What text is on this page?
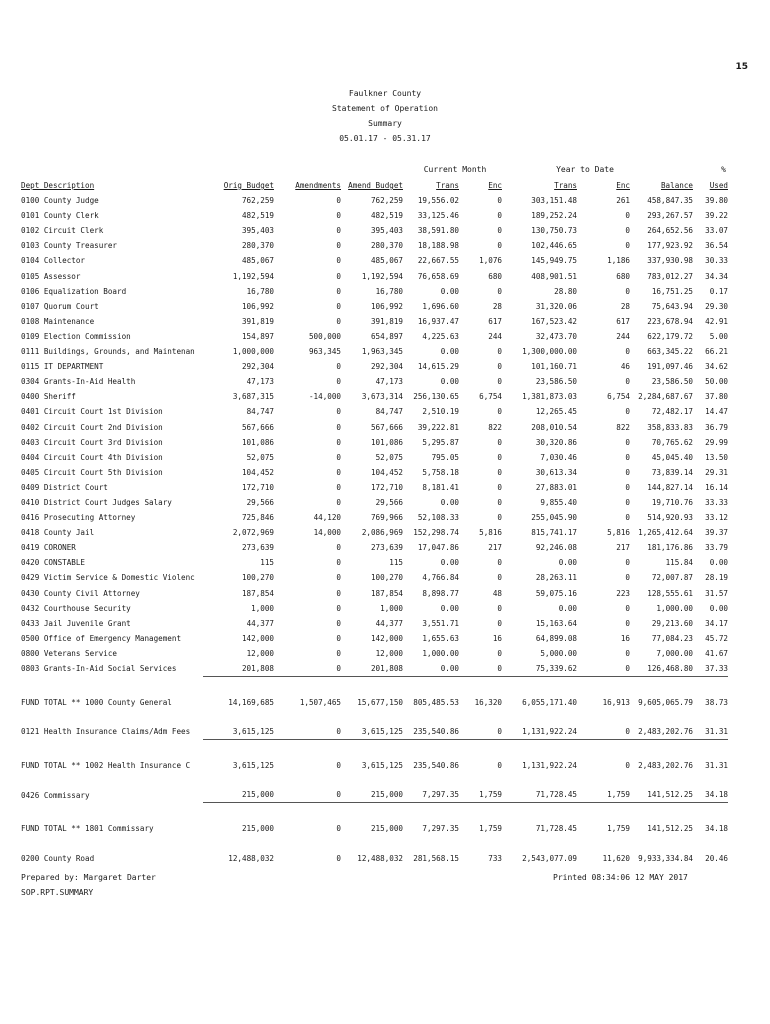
15
Faulkner County
Statement of Operation
Summary
05.01.17 - 05.31.17
Current Month	Year to Date	%
Dept Description	Orig Budget	Amendments	Amend Budget	Trans	Enc	Trans	Enc	Balance	Used
0100 County Judge	762,259	0	762,259	19,556.02	0	303,151.48	261	458,847.35	39.80
0101 County Clerk	482,519	0	482,519	33,125.46	0	189,252.24	0	293,267.57	39.22
0102 Circuit Clerk	395,403	0	395,403	38,591.80	0	130,750.73	0	264,652.56	33.07
0103 County Treasurer	280,370	0	280,370	18,188.98	0	102,446.65	0	177,923.92	36.54
0104 Collector	485,067	0	485,067	22,667.55	1,076	145,949.75	1,186	337,930.98	30.33
0105 Assessor	1,192,594	0	1,192,594	76,658.69	680	408,901.51	680	783,012.27	34.34
0106 Equalization Board	16,780	0	16,780	0.00	0	28.80	0	16,751.25	0.17
0107 Quorum Court	106,992	0	106,992	1,696.60	28	31,320.06	28	75,643.94	29.30
0108 Maintenance	391,819	0	391,819	16,937.47	617	167,523.42	617	223,678.94	42.91
0109 Election Commission	154,897	500,000	654,897	4,225.63	244	32,473.70	244	622,179.72	5.00
0111 Buildings, Grounds, and Maintenan	1,000,000	963,345	1,963,345	0.00	0	1,300,000.00	0	663,345.22	66.21
0115 IT DEPARTMENT	292,304	0	292,304	14,615.29	0	101,160.71	46	191,097.46	34.62
0304 Grants-In-Aid Health	47,173	0	47,173	0.00	0	23,586.50	0	23,586.50	50.00
0400 Sheriff	3,687,315	-14,000	3,673,314	256,130.65	6,754	1,381,873.03	6,754	2,284,687.67	37.80
0401 Circuit Court 1st Division	84,747	0	84,747	2,510.19	0	12,265.45	0	72,482.17	14.47
0402 Circuit Court 2nd Division	567,666	0	567,666	39,222.81	822	208,010.54	822	358,833.83	36.79
0403 Circuit Court 3rd Division	101,086	0	101,086	5,295.87	0	30,320.86	0	70,765.62	29.99
0404 Circuit Court 4th Division	52,075	0	52,075	795.05	0	7,030.46	0	45,045.40	13.50
0405 Circuit Court 5th Division	104,452	0	104,452	5,758.18	0	30,613.34	0	73,839.14	29.31
0409 District Court	172,710	0	172,710	8,181.41	0	27,883.01	0	144,827.14	16.14
0410 District Court Judges Salary	29,566	0	29,566	0.00	0	9,855.40	0	19,710.76	33.33
0416 Prosecuting Attorney	725,846	44,120	769,966	52,108.33	0	255,045.90	0	514,920.93	33.12
0418 County Jail	2,072,969	14,000	2,086,969	152,298.74	5,816	815,741.17	5,816	1,265,412.64	39.37
0419 CORONER	273,639	0	273,639	17,047.86	217	92,246.08	217	181,176.86	33.79
0420 CONSTABLE	115	0	115	0.00	0	0.00	0	115.84	0.00
0429 Victim Service & Domestic Violenc	100,270	0	100,270	4,766.84	0	28,263.11	0	72,007.87	28.19
0430 County Civil Attorney	187,854	0	187,854	8,898.77	48	59,075.16	223	128,555.61	31.57
0432 Courthouse Security	1,000	0	1,000	0.00	0	0.00	0	1,000.00	0.00
0433 Jail Juvenile Grant	44,377	0	44,377	3,551.71	0	15,163.64	0	29,213.60	34.17
0500 Office of Emergency Management	142,000	0	142,000	1,655.63	16	64,899.08	16	77,084.23	45.72
0800 Veterans Service	12,000	0	12,000	1,000.00	0	5,000.00	0	7,000.00	41.67
0803 Grants-In-Aid Social Services	201,808	0	201,808	0.00	0	75,339.62	0	126,468.80	37.33

FUND TOTAL ** 1000 County General	14,169,685	1,507,465	15,677,150	805,485.53	16,320	6,055,171.40	16,913	9,605,065.79	38.73

0121 Health Insurance Claims/Adm Fees	3,615,125	0	3,615,125	235,540.86	0	1,131,922.24	0	2,483,202.76	31.31

FUND TOTAL ** 1002 Health Insurance C	3,615,125	0	3,615,125	235,540.86	0	1,131,922.24	0	2,483,202.76	31.31

0426 Commissary	215,000	0	215,000	7,297.35	1,759	71,728.45	1,759	141,512.25	34.18

FUND TOTAL ** 1801 Commissary	215,000	0	215,000	7,297.35	1,759	71,728.45	1,759	141,512.25	34.18

0200 County Road	12,488,032	0	12,488,032	281,568.15	733	2,543,077.09	11,620	9,933,334.84	20.46
Prepared by: Margaret Darter
SOP.RPT.SUMMARY
Printed 08:34:06 12 MAY 2017
